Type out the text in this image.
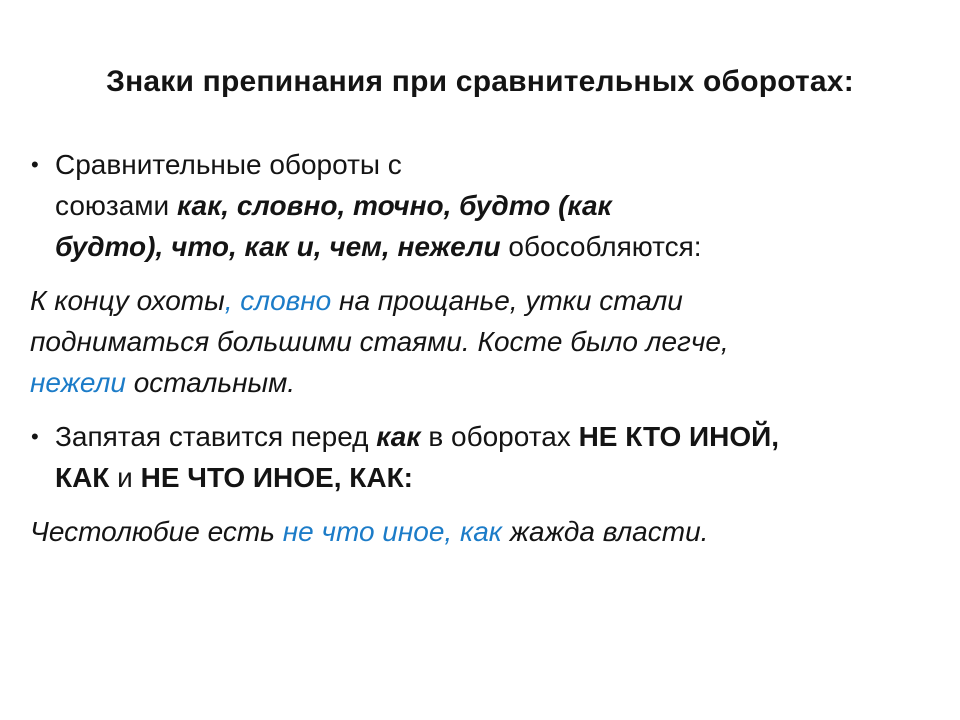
Знаки препинания при сравнительных оборотах:
• Сравнительные обороты с
союзами как, словно, точно, будто (как
будто), что, как и, чем, нежели обособляются:
К концу охоты, словно на прощанье, утки стали
подниматься большими стаями. Косте было легче,
нежели остальным.
• Запятая ставится перед как в оборотах НЕ КТО ИНОЙ,
КАК и НЕ ЧТО ИНОЕ, КАК:
Честолюбие есть не что иное, как жажда власти.
